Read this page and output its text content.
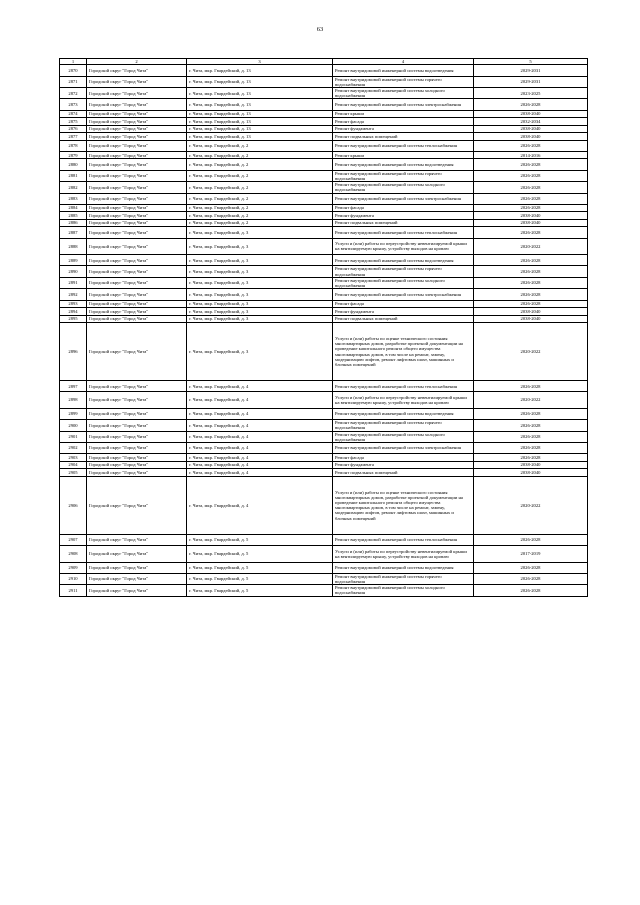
63
1	2	3	4	5
2870	Городской округ "Город Чита"	г. Чита, мкр. Гвардейский, д. 13	Ремонт внутридомовой инженерной системы водоотведения	2029-2031
2871	Городской округ "Город Чита"	г. Чита, мкр. Гвардейский, д. 13	Ремонт внутридомовой инженерной системы горячего водоснабжения	2029-2031
2872	Городской округ "Город Чита"	г. Чита, мкр. Гвардейский, д. 13	Ремонт внутридомовой инженерной системы холодного водоснабжения	2023-2025
2873	Городской округ "Город Чита"	г. Чита, мкр. Гвардейский, д. 13	Ремонт внутридомовой инженерной системы электроснабжения	2026-2028
2874	Городской округ "Город Чита"	г. Чита, мкр. Гвардейский, д. 13	Ремонт крыши	2038-2040
2875	Городской округ "Город Чита"	г. Чита, мкр. Гвардейский, д. 13	Ремонт фасада	2032-2034
2876	Городской округ "Город Чита"	г. Чита, мкр. Гвардейский, д. 13	Ремонт фундамента	2038-2040
2877	Городской округ "Город Чита"	г. Чита, мкр. Гвардейский, д. 13	Ремонт подвальных помещений	2038-2040
2878	Городской округ "Город Чита"	г. Чита, мкр. Гвардейский, д. 2	Ремонт внутридомовой инженерной системы теплоснабжения	2026-2028
2879	Городской округ "Город Чита"	г. Чита, мкр. Гвардейский, д. 2	Ремонт крыши	2014-2016
2880	Городской округ "Город Чита"	г. Чита, мкр. Гвардейский, д. 2	Ремонт внутридомовой инженерной системы водоотведения	2026-2028
2881	Городской округ "Город Чита"	г. Чита, мкр. Гвардейский, д. 2	Ремонт внутридомовой инженерной системы горячего водоснабжения	2026-2028
2882	Городской округ "Город Чита"	г. Чита, мкр. Гвардейский, д. 2	Ремонт внутридомовой инженерной системы холодного водоснабжения	2026-2028
2883	Городской округ "Город Чита"	г. Чита, мкр. Гвардейский, д. 2	Ремонт внутридомовой инженерной системы электроснабжения	2026-2028
2884	Городской округ "Город Чита"	г. Чита, мкр. Гвардейский, д. 2	Ремонт фасада	2026-2028
2885	Городской округ "Город Чита"	г. Чита, мкр. Гвардейский, д. 2	Ремонт фундамента	2038-2040
2886	Городской округ "Город Чита"	г. Чита, мкр. Гвардейский, д. 2	Ремонт подвальных помещений	2038-2040
2887	Городской округ "Город Чита"	г. Чита, мкр. Гвардейский, д. 3	Ремонт внутридомовой инженерной системы теплоснабжения	2026-2028
2888	Городской округ "Город Чита"	г. Чита, мкр. Гвардейский, д. 3	Услуги и (или) работы по переустройству невентилируемой крыши на вентилируемую крышу, устройству выходов на кровлю	2020-2022
2889	Городской округ "Город Чита"	г. Чита, мкр. Гвардейский, д. 3	Ремонт внутридомовой инженерной системы водоотведения	2026-2028
2890	Городской округ "Город Чита"	г. Чита, мкр. Гвардейский, д. 3	Ремонт внутридомовой инженерной системы горячего водоснабжения	2026-2028
2891	Городской округ "Город Чита"	г. Чита, мкр. Гвардейский, д. 3	Ремонт внутридомовой инженерной системы холодного водоснабжения	2026-2028
2892	Городской округ "Город Чита"	г. Чита, мкр. Гвардейский, д. 3	Ремонт внутридомовой инженерной системы электроснабжения	2026-2028
2893	Городской округ "Город Чита"	г. Чита, мкр. Гвардейский, д. 3	Ремонт фасада	2026-2028
2894	Городской округ "Город Чита"	г. Чита, мкр. Гвардейский, д. 3	Ремонт фундамента	2038-2040
2895	Городской округ "Город Чита"	г. Чита, мкр. Гвардейский, д. 3	Ремонт подвальных помещений	2038-2040
2896	Городской округ "Город Чита"	г. Чита, мкр. Гвардейский, д. 3	Услуги и (или) работы по оценке технического состояния многоквартирных домов, разработке проектной документации на проведение капитального ремонта общего имущества многоквартирных домов, в том числе на ремонт, замену, модернизацию лифтов, ремонт лифтовых шахт, машинных и блочных помещений	2020-2022
2897	Городской округ "Город Чита"	г. Чита, мкр. Гвардейский, д. 4	Ремонт внутридомовой инженерной системы теплоснабжения	2026-2028
2898	Городской округ "Город Чита"	г. Чита, мкр. Гвардейский, д. 4	Услуги и (или) работы по переустройству невентилируемой крыши на вентилируемую крышу, устройству выходов на кровлю	2020-2022
2899	Городской округ "Город Чита"	г. Чита, мкр. Гвардейский, д. 4	Ремонт внутридомовой инженерной системы водоотведения	2026-2028
2900	Городской округ "Город Чита"	г. Чита, мкр. Гвардейский, д. 4	Ремонт внутридомовой инженерной системы горячего водоснабжения	2026-2028
2901	Городской округ "Город Чита"	г. Чита, мкр. Гвардейский, д. 4	Ремонт внутридомовой инженерной системы холодного водоснабжения	2026-2028
2902	Городской округ "Город Чита"	г. Чита, мкр. Гвардейский, д. 4	Ремонт внутридомовой инженерной системы электроснабжения	2026-2028
2903	Городской округ "Город Чита"	г. Чита, мкр. Гвардейский, д. 4	Ремонт фасада	2026-2028
2904	Городской округ "Город Чита"	г. Чита, мкр. Гвардейский, д. 4	Ремонт фундамента	2038-2040
2905	Городской округ "Город Чита"	г. Чита, мкр. Гвардейский, д. 4	Ремонт подвальных помещений	2038-2040
2906	Городской округ "Город Чита"	г. Чита, мкр. Гвардейский, д. 4	Услуги и (или) работы по оценке технического состояния многоквартирных домов, разработке проектной документации на проведение капитального ремонта общего имущества многоквартирных домов, в том числе на ремонт, замену, модернизацию лифтов, ремонт лифтовых шахт, машинных и блочных помещений	2020-2022
2907	Городской округ "Город Чита"	г. Чита, мкр. Гвардейский, д. 5	Ремонт внутридомовой инженерной системы теплоснабжения	2026-2028
2908	Городской округ "Город Чита"	г. Чита, мкр. Гвардейский, д. 5	Услуги и (или) работы по переустройству невентилируемой крыши на вентилируемую крышу, устройству выходов на кровлю	2017-2019
2909	Городской округ "Город Чита"	г. Чита, мкр. Гвардейский, д. 5	Ремонт внутридомовой инженерной системы водоотведения	2026-2028
2910	Городской округ "Город Чита"	г. Чита, мкр. Гвардейский, д. 5	Ремонт внутридомовой инженерной системы горячего водоснабжения	2026-2028
2911	Городской округ "Город Чита"	г. Чита, мкр. Гвардейский, д. 5	Ремонт внутридомовой инженерной системы холодного водоснабжения	2026-2028
